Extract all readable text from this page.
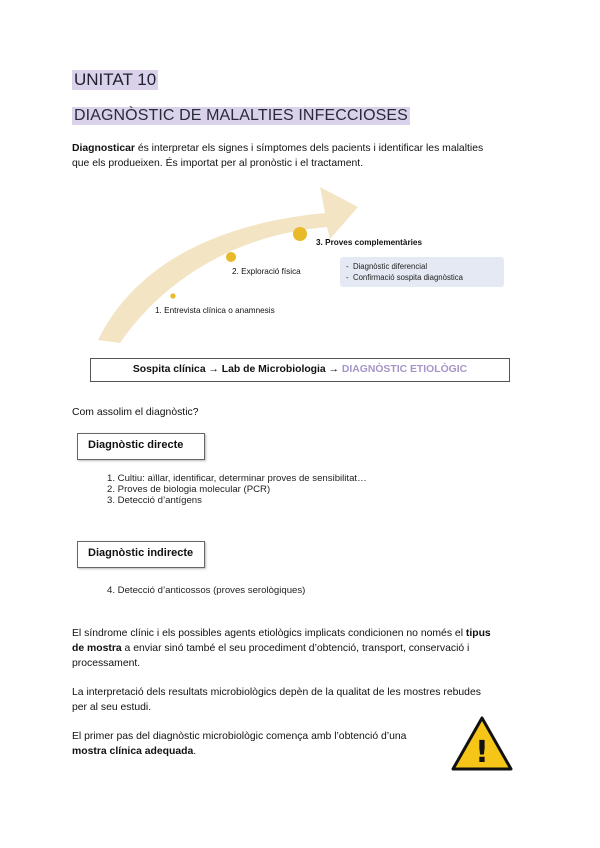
UNITAT 10
DIAGNÒSTIC DE MALALTIES INFECCIOSES
Diagnosticar és interpretar els signes i símptomes dels pacients i identificar les malalties
que els produeixen. És importat per al pronòstic i el tractament.
1. Entrevista clínica o anamnesis
2. Exploració física
3. Proves complementàries
-  Diagnòstic diferencial
-  Confirmació sospita diagnòstica
Sospita clínica → Lab de Microbiologia → DIAGNÒSTIC ETIOLÒGIC
Com assolim el diagnòstic?
Diagnòstic directe
1. Cultiu: aïllar, identificar, determinar proves de sensibilitat…
2. Proves de biologia molecular (PCR)
3. Detecció d’antígens
Diagnòstic indirecte
4. Detecció d’anticossos (proves serològiques)
El síndrome clínic i els possibles agents etiològics implicats condicionen no només el tipus
de mostra a enviar sinó també el seu procediment d’obtenció, transport, conservació i
processament.
La interpretació dels resultats microbiològics depèn de la qualitat de les mostres rebudes
per al seu estudi.
El primer pas del diagnòstic microbiològic comença amb l’obtenció d’una
mostra clínica adequada.	!
